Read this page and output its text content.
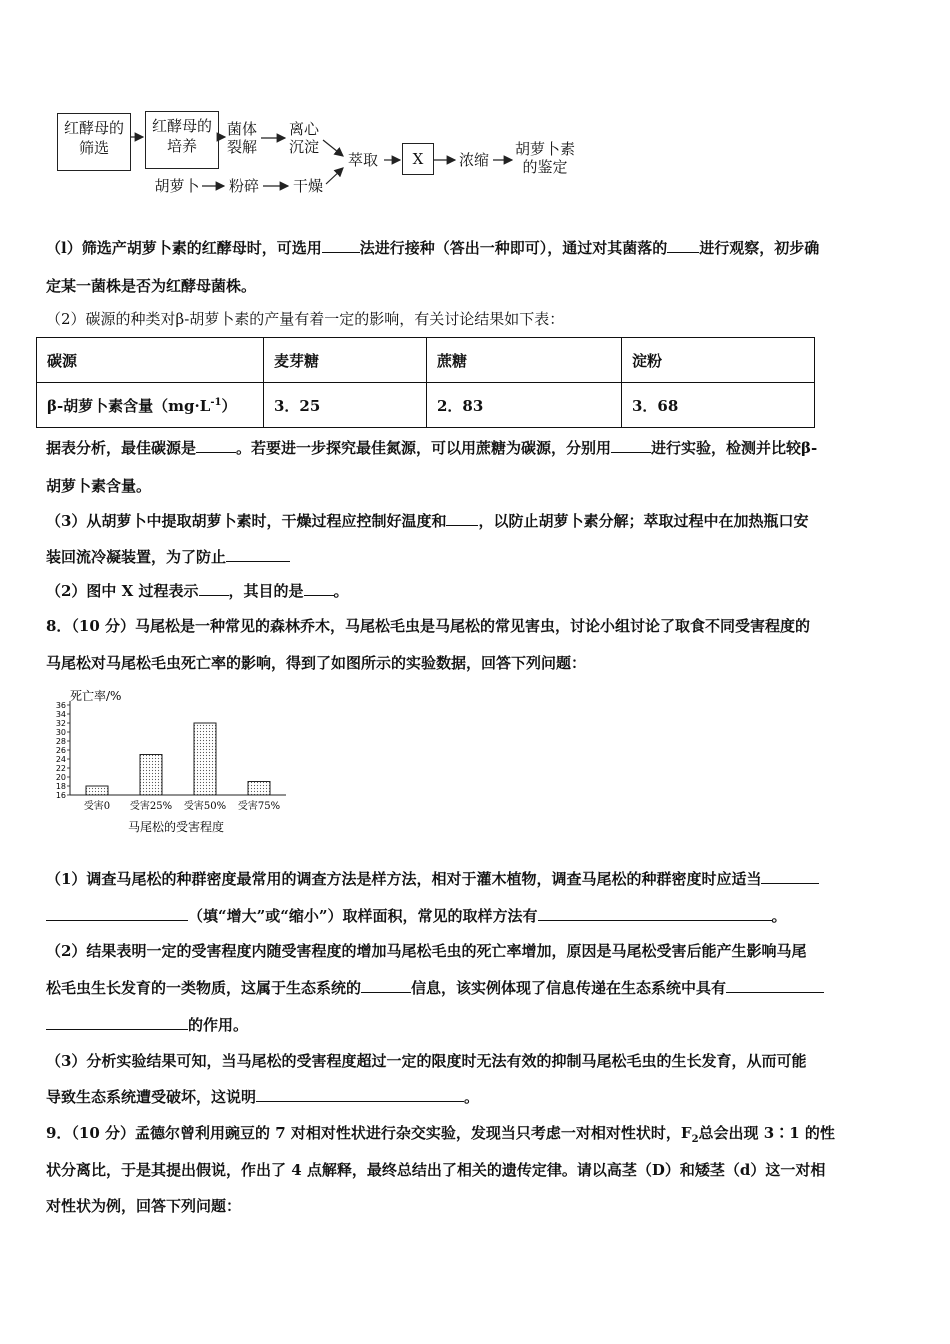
红酵母的筛选
红酵母的培养
菌体裂解
离心沉淀
胡萝卜 粉碎 干燥
萃取	X	浓缩
胡萝卜素的鉴定
（l）筛选产胡萝卜素的红酵母时，可选用	法进行接种（答出一种即可），通过对其菌落的 进行观察，初步确
定某一菌株是否为红酵母菌株。
（2）碳源的种类对β-胡萝卜素的产量有着一定的影响，有关讨论结果如下表：
碳源	麦芽糖	蔗糖	淀粉
β-胡萝卜素含量$(mg\cdot L^{-1})$	3．25	2．83	3．68
据表分析，最佳碳源是	。若要进一步探究最佳氮源，可以用蔗糖为碳源，分别用	进行实验，检测并比较β-
胡萝卜素含量。
（3）从胡萝卜中提取胡萝卜素时，干燥过程应控制好温度和 ，以防止胡萝卜素分解；萃取过程中在加热瓶口安
装回流冷凝装置，为了防止
（2）图中 X 过程表示 ，其目的是 。
8．（10 分）马尾松是一种常见的森林乔木，马尾松毛虫是马尾松的常见害虫，讨论小组讨论了取食不同受害程度的
马尾松对马尾松毛虫死亡率的影响，得到了如图所示的实验数据，回答下列问题：
死亡率/%
马尾松的受害程度
16
18
20
22
24
26
28
30
32
34
36
受害0 受害25% 受害50% 受害75%
（1）调查马尾松的种群密度最常用的调查方法是样方法，相对于灌木植物，调查马尾松的种群密度时应适当
（填“增大”或“缩小”）取样面积，常见的取样方法有	。
（2）结果表明一定的受害程度内随受害程度的增加马尾松毛虫的死亡率增加，原因是马尾松受害后能产生影响马尾
松毛虫生长发育的一类物质，这属于生态系统的	信息，该实例体现了信息传递在生态系统中具有
的作用。
（3）分析实验结果可知，当马尾松的受害程度超过一定的限度时无法有效的抑制马尾松毛虫的生长发育，从而可能
导致生态系统遭受破坏，这说明	。
9．（10 分）孟德尔曾利用豌豆的 7 对相对性状进行杂交实验，发现当只考虑一对相对性状时，$F_2$总会出现 3∶1 的性
状分离比，于是其提出假说，作出了 4 点解释，最终总结出了相关的遗传定律。请以高茎（D）和矮茎（d）这一对相
对性状为例，回答下列问题：
